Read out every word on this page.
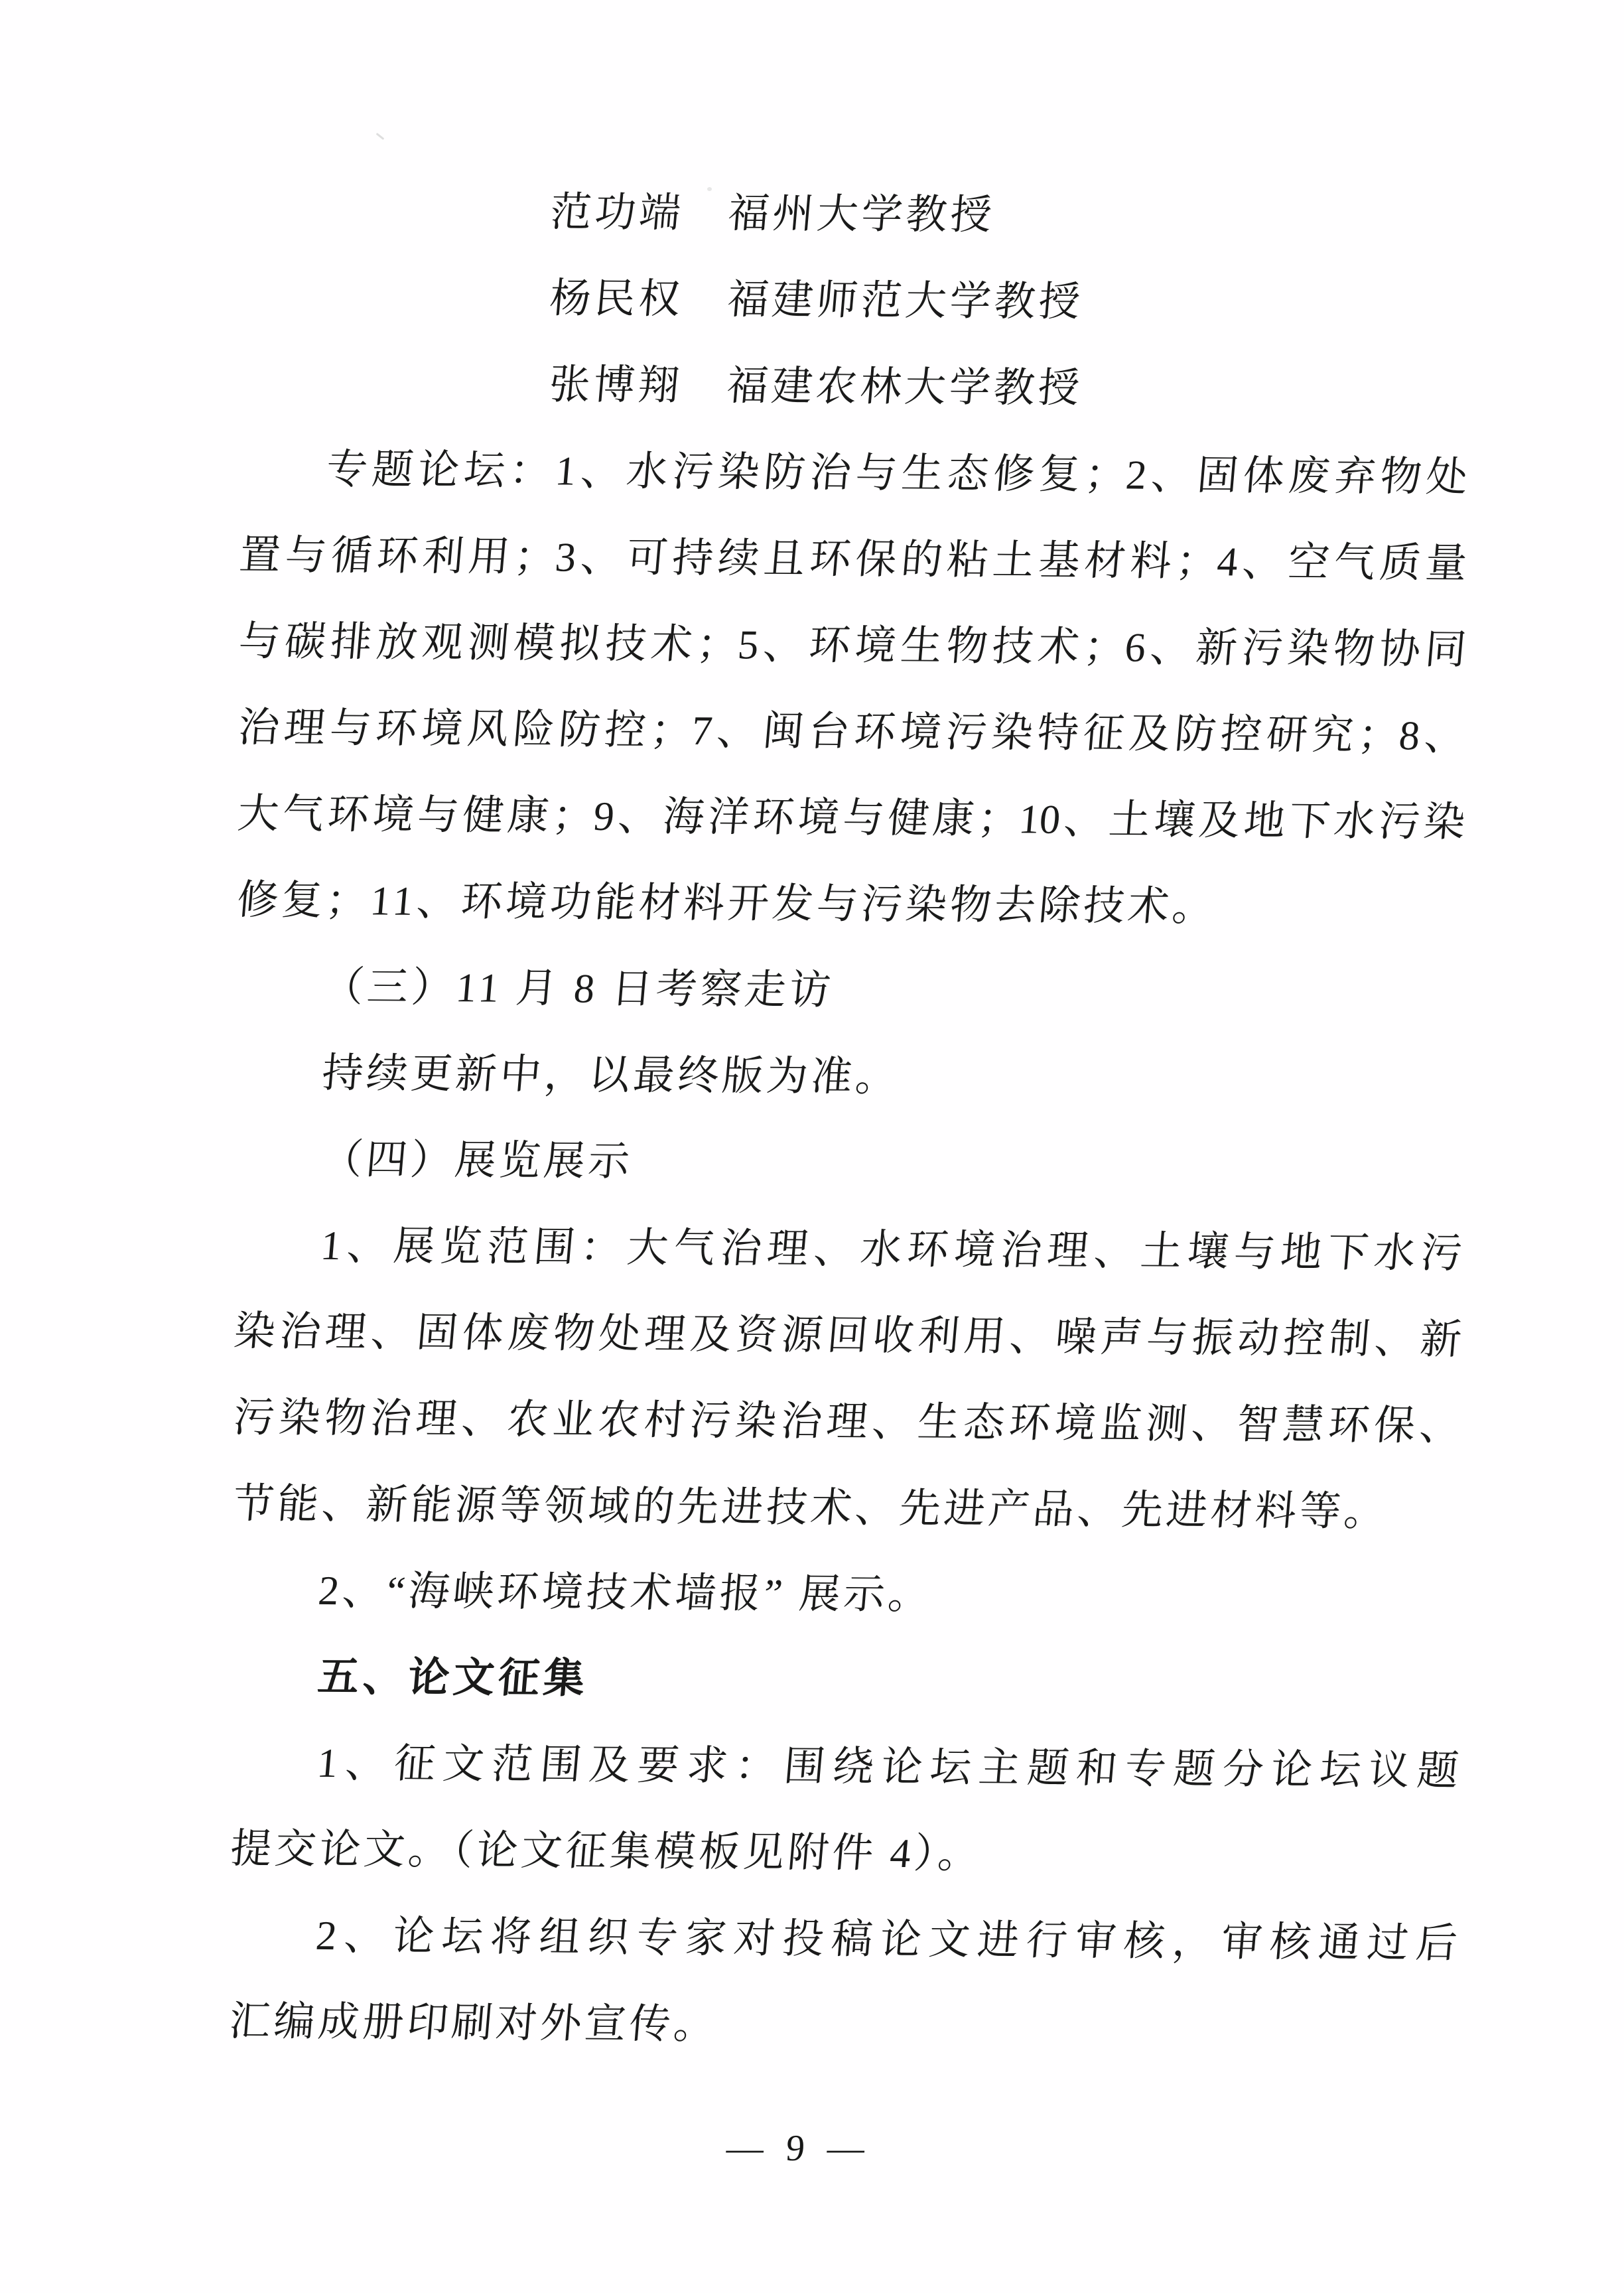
范功端　福州大学教授
杨民权　福建师范大学教授
张博翔　福建农林大学教授
专题论坛：1、水污染防治与生态修复；2、固体废弃物处
置与循环利用；3、可持续且环保的粘土基材料；4、空气质量
与碳排放观测模拟技术；5、环境生物技术；6、新污染物协同
治理与环境风险防控；7、闽台环境污染特征及防控研究；8、
大气环境与健康；9、海洋环境与健康；10、土壤及地下水污染
修复；11、环境功能材料开发与污染物去除技术。
（三）11 月 8 日考察走访
持续更新中，以最终版为准。
（四）展览展示
1、展览范围：大气治理、水环境治理、土壤与地下水污
染治理、固体废物处理及资源回收利用、噪声与振动控制、新
污染物治理、农业农村污染治理、生态环境监测、智慧环保、
节能、新能源等领域的先进技术、先进产品、先进材料等。
2、“海峡环境技术墙报” 展示。
五、论文征集
1、征文范围及要求：围绕论坛主题和专题分论坛议题
提交论文。（论文征集模板见附件 4）。
2、论坛将组织专家对投稿论文进行审核，审核通过后
汇编成册印刷对外宣传。
— 9 —
